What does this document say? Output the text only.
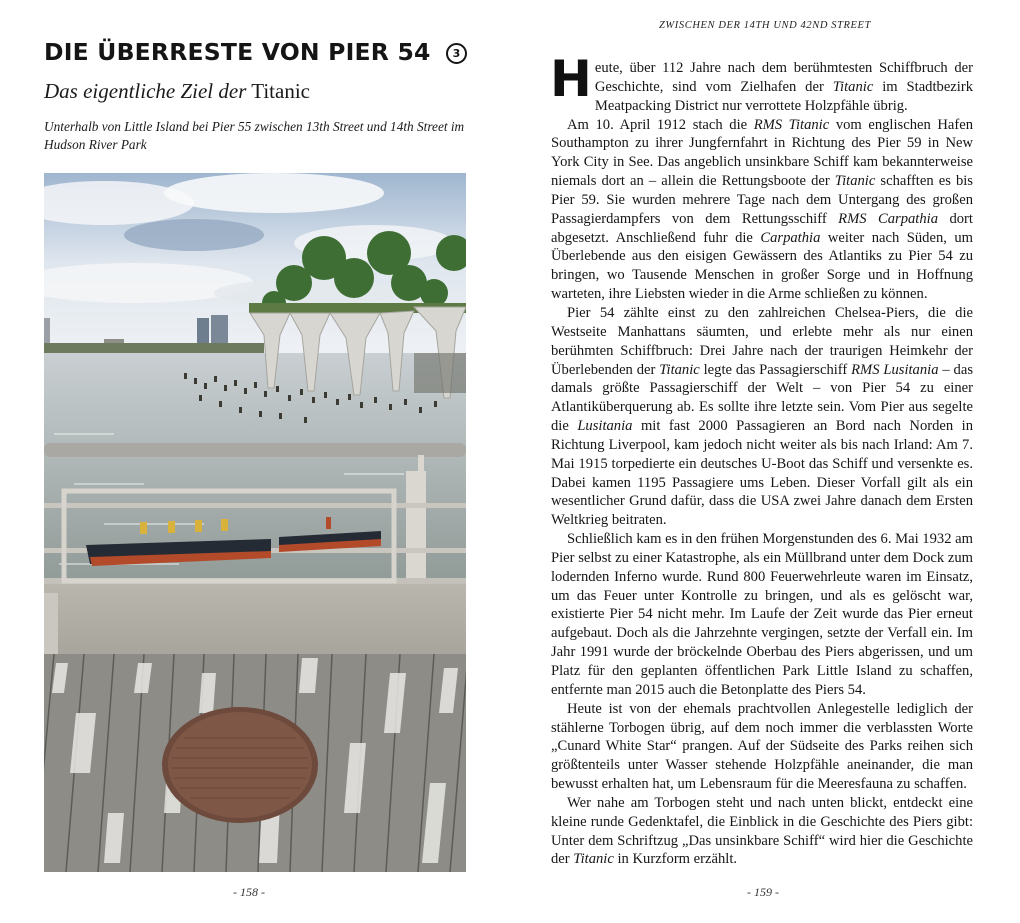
DIE ÜBERRESTE VON PIER 54	3
Das eigentliche Ziel der Titanic
Unterhalb von Little Island bei Pier 55 zwischen 13th Street und 14th Street im Hudson River Park
- 158 -
ZWISCHEN DER 14TH UND 42ND STREET

Heute, über 112 Jahre nach dem berühmtesten Schiffbruch der Geschichte, sind vom Zielhafen der Titanic im Stadtbezirk Meatpacking District nur verrottete Holzpfähle übrig.

Am 10. April 1912 stach die RMS Titanic vom englischen Hafen Southampton zu ihrer Jungfernfahrt in Richtung des Pier 59 in New York City in See. Das angeblich unsinkbare Schiff kam bekannterweise niemals dort an – allein die Rettungsboote der Titanic schafften es bis Pier 59. Sie wurden mehrere Tage nach dem Untergang des großen Passagierdampfers von dem Rettungsschiff RMS Carpathia dort abgesetzt. Anschließend fuhr die Carpathia weiter nach Süden, um Überlebende aus den eisigen Gewässern des Atlantiks zu Pier 54 zu bringen, wo Tausende Menschen in großer Sorge und in Hoffnung warteten, ihre Liebsten wieder in die Arme schließen zu können.

Pier 54 zählte einst zu den zahlreichen Chelsea-Piers, die die Westseite Manhattans säumten, und erlebte mehr als nur einen berühmten Schiffbruch: Drei Jahre nach der traurigen Heimkehr der Überlebenden der Titanic legte das Passagierschiff RMS Lusitania – das damals größte Passagierschiff der Welt – von Pier 54 zu einer Atlantiküberquerung ab. Es sollte ihre letzte sein. Vom Pier aus segelte die Lusitania mit fast 2000 Passagieren an Bord nach Norden in Richtung Liverpool, kam jedoch nicht weiter als bis nach Irland: Am 7. Mai 1915 torpedierte ein deutsches U-Boot das Schiff und versenkte es. Dabei kamen 1195 Passagiere ums Leben. Dieser Vorfall gilt als ein wesentlicher Grund dafür, dass die USA zwei Jahre danach dem Ersten Weltkrieg beitraten.

Schließlich kam es in den frühen Morgenstunden des 6. Mai 1932 am Pier selbst zu einer Katastrophe, als ein Müllbrand unter dem Dock zum lodernden Inferno wurde. Rund 800 Feuerwehrleute waren im Einsatz, um das Feuer unter Kontrolle zu bringen, und als es gelöscht war, existierte Pier 54 nicht mehr. Im Laufe der Zeit wurde das Pier erneut aufgebaut. Doch als die Jahrzehnte vergingen, setzte der Verfall ein. Im Jahr 1991 wurde der bröckelnde Oberbau des Piers abgerissen, und um Platz für den geplanten öffentlichen Park Little Island zu schaffen, entfernte man 2015 auch die Betonplatte des Piers 54.

Heute ist von der ehemals prachtvollen Anlegestelle lediglich der stählerne Torbogen übrig, auf dem noch immer die verblassten Worte „Cunard White Star“ prangen. Auf der Südseite des Parks reihen sich größtenteils unter Wasser stehende Holzpfähle aneinander, die man bewusst erhalten hat, um Lebensraum für die Meeresfauna zu schaffen.

Wer nahe am Torbogen steht und nach unten blickt, entdeckt eine kleine runde Gedenktafel, die Einblick in die Geschichte des Piers gibt: Unter dem Schriftzug „Das unsinkbare Schiff“ wird hier die Geschichte der Titanic in Kurzform erzählt.

- 159 -
